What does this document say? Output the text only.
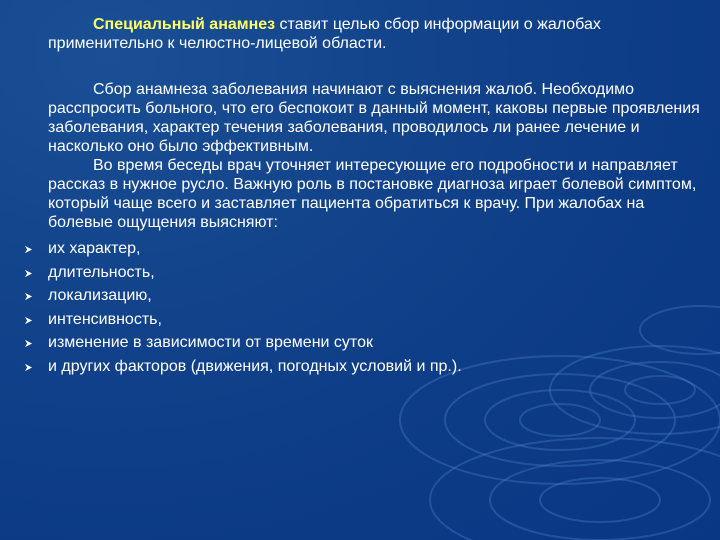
Специальный анамнез ставит целью сбор информации о жалобах применительно к челюстно-лицевой области.

Сбор анамнеза заболевания начинают с выяснения жалоб. Необходимо расспросить больного, что его беспокоит в данный момент, каковы первые проявления заболевания, характер течения заболевания, проводилось ли ранее лечение и насколько оно было эффективным.

Во время беседы врач уточняет интересующие его подробности и направляет рассказ в нужное русло. Важную роль в постановке диагноза играет болевой симптом, который чаще всего и заставляет пациента обратиться к врачу. При жалобах на болевые ощущения выясняют:

их характер,
длительность,
локализацию,
интенсивность,
изменение в зависимости от времени суток
и других факторов (движения, погодных условий и пр.).
